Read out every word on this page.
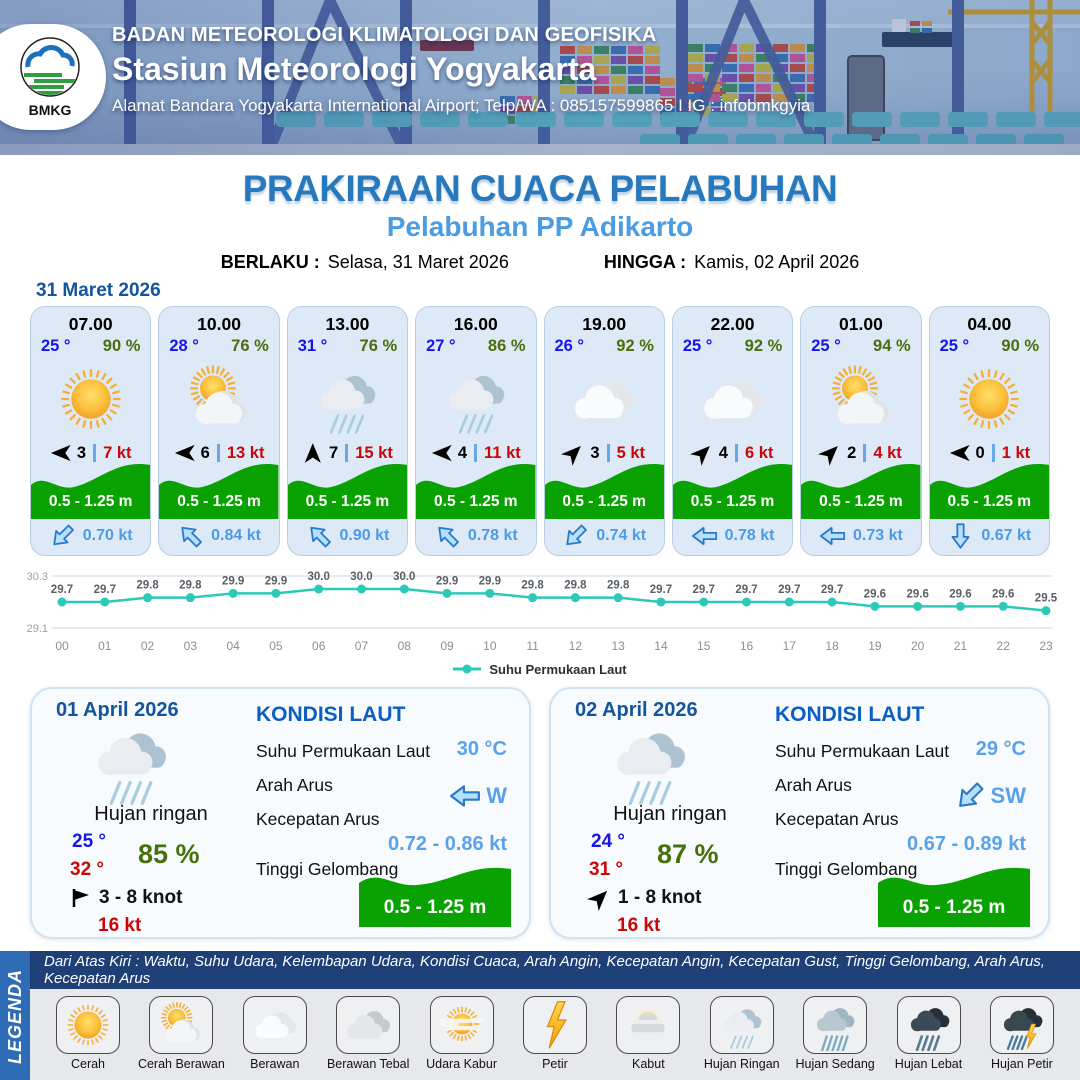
BMKG
BADAN METEOROLOGI KLIMATOLOGI DAN GEOFISIKA
Stasiun Meteorologi Yogyakarta
Alamat Bandara Yogyakarta International Airport; Telp/WA : 085157599865 I IG : infobmkgyia
PRAKIRAAN CUACA PELABUHAN
Pelabuhan PP Adikarto
BERLAKU : Selasa, 31 Maret 2026	HINGGA : Kamis, 02 April 2026
31 Maret 2026
07.00
25 ° 90 %
3 7 kt
0.5 - 1.25 m
0.70 kt
10.00
28 ° 76 %
6 13 kt
0.5 - 1.25 m
0.84 kt
13.00
31 ° 76 %
7 15 kt
0.5 - 1.25 m
0.90 kt
16.00
27 ° 86 %
4 11 kt
0.5 - 1.25 m
0.78 kt
19.00
26 ° 92 %
3 5 kt
0.5 - 1.25 m
0.74 kt
22.00
25 ° 92 %
4 6 kt
0.5 - 1.25 m
0.78 kt
01.00
25 ° 94 %
2 4 kt
0.5 - 1.25 m
0.73 kt
04.00
25 ° 90 %
0 1 kt
0.5 - 1.25 m
0.67 kt
30.3
29.1
29.7
00
29.7
01
29.8
02
29.8
03
29.9
04
29.9
05
30.0
06
30.0
07
30.0
08
29.9
09
29.9
10
29.8
11
29.8
12
29.8
13
29.7
14
29.7
15
29.7
16
29.7
17
29.7
18
29.6
19
29.6
20
29.6
21
29.6
22
29.5
23
Suhu Permukaan Laut
01 April 2026
Hujan ringan
25 °
32 °
85 %
3 - 8 knot
16 kt
KONDISI LAUT
Suhu Permukaan Laut 30 °C
Arah Arus	W
Kecepatan Arus
0.72 - 0.86 kt
Tinggi Gelombang
0.5 - 1.25 m
02 April 2026
Hujan ringan
24 °
31 °
87 %
1 - 8 knot
16 kt
KONDISI LAUT
Suhu Permukaan Laut 29 °C
Arah Arus	SW
Kecepatan Arus
0.67 - 0.89 kt
Tinggi Gelombang
0.5 - 1.25 m
LEGENDA
Dari Atas Kiri : Waktu, Suhu Udara, Kelembapan Udara, Kondisi Cuaca, Arah Angin, Kecepatan Angin, Kecepatan Gust, Tinggi Gelombang, Arah Arus, Kecepatan Arus
Cerah	Cerah Berawan Berawan Berawan Tebal Udara Kabur	Petir	Kabut	Hujan Ringan Hujan Sedang Hujan Lebat Hujan Petir
